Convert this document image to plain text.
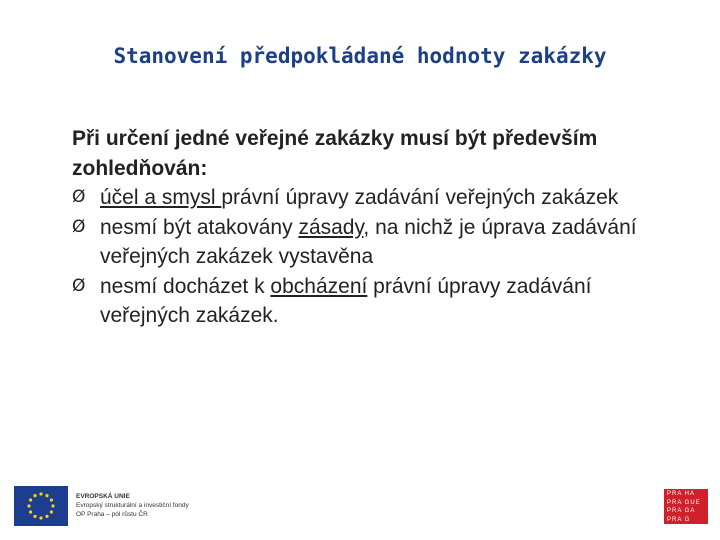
Stanovení předpokládané hodnoty zakázky
Při určení jedné veřejné zakázky musí být především zohledňován:
Ø účel a smysl právní úpravy zadávání veřejných zakázek
Ø nesmí být atakovány zásady, na nichž je úprava zadávání veřejných zakázek vystavěna
Ø nesmí docházet k obcházení právní úpravy zadávání veřejných zakázek.
EVROPSKÁ UNIE
Evropský strukturální a investiční fondy
OP Praha – pól růstu ČR
PRA HA
PRA GUE
PRA GA
PRA G
